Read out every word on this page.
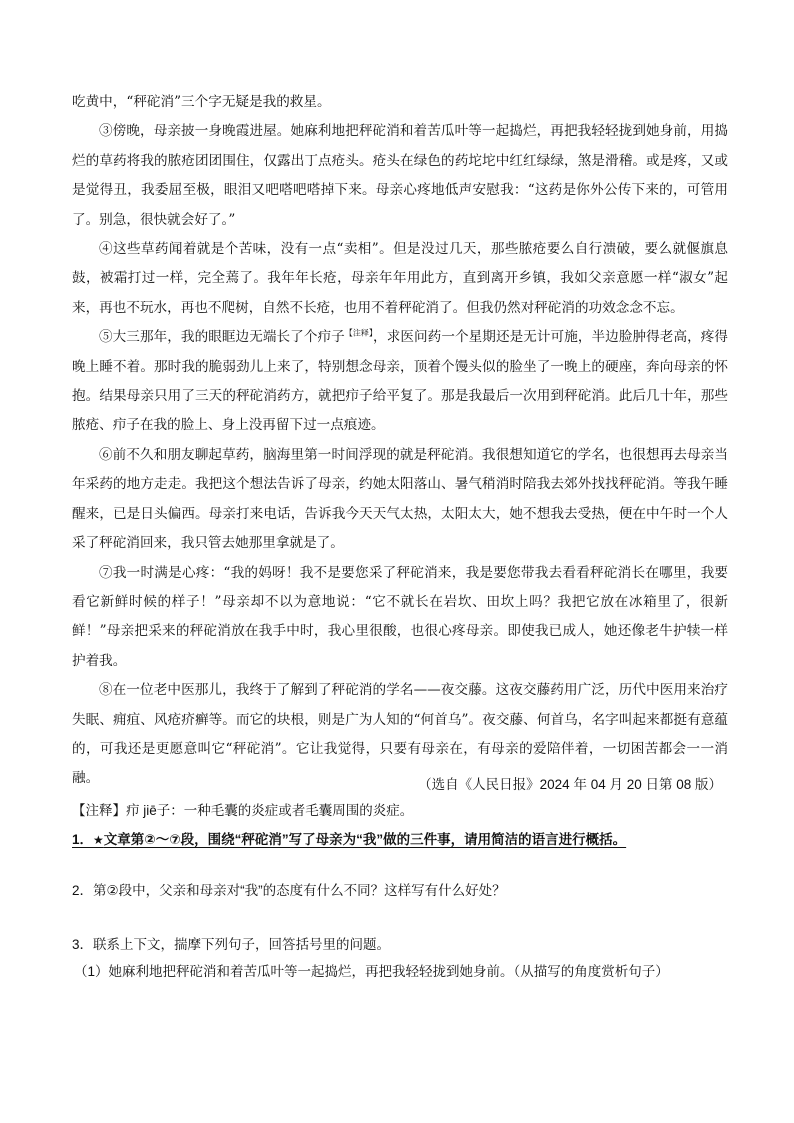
吃黄中，“秤砣消”三个字无疑是我的救星。

③傍晚，母亲披一身晚霞进屋。她麻利地把秤砣消和着苦瓜叶等一起捣烂，再把我轻轻拢到她身前，用捣烂的草药将我的脓疮团团围住，仅露出丁点疮头。疮头在绿色的药坨坨中红红绿绿，煞是滑稽。或是疼，又或是觉得丑，我委屈至极，眼泪又吧嗒吧嗒掉下来。母亲心疼地低声安慰我：“这药是你外公传下来的，可管用了。别急，很快就会好了。”

④这些草药闻着就是个苦味，没有一点“卖相”。但是没过几天，那些脓疮要么自行溃破，要么就偃旗息鼓，被霜打过一样，完全蔫了。我年年长疮，母亲年年用此方，直到离开乡镇，我如父亲意愿一样“淑女”起来，再也不玩水，再也不爬树，自然不长疮，也用不着秤砣消了。但我仍然对秤砣消的功效念念不忘。

⑤大三那年，我的眼眶边无端长了个疖子$^{【注释】}$，求医问药一个星期还是无计可施，半边脸肿得老高，疼得晚上睡不着。那时我的脆弱劲儿上来了，特别想念母亲，顶着个馒头似的脸坐了一晚上的硬座，奔向母亲的怀抱。结果母亲只用了三天的秤砣消药方，就把疖子给平复了。那是我最后一次用到秤砣消。此后几十年，那些脓疮、疖子在我的脸上、身上没再留下过一点痕迹。

⑥前不久和朋友聊起草药，脑海里第一时间浮现的就是秤砣消。我很想知道它的学名，也很想再去母亲当年采药的地方走走。我把这个想法告诉了母亲，约她太阳落山、暑气稍消时陪我去郊外找找秤砣消。等我午睡醒来，已是日头偏西。母亲打来电话，告诉我今天天气太热，太阳太大，她不想我去受热，便在中午时一个人采了秤砣消回来，我只管去她那里拿就是了。

⑦我一时满是心疼：“我的妈呀！我不是要您采了秤砣消来，我是要您带我去看看秤砣消长在哪里，我要看它新鲜时候的样子！”母亲却不以为意地说：“它不就长在岩坎、田坎上吗？我把它放在冰箱里了，很新鲜！”母亲把采来的秤砣消放在我手中时，我心里很酸，也很心疼母亲。即使我已成人，她还像老牛护犊一样护着我。

⑧在一位老中医那儿，我终于了解到了秤砣消的学名——夜交藤。这夜交藤药用广泛，历代中医用来治疗失眠、痈疽、风疮疥癣等。而它的块根，则是广为人知的“何首乌”。夜交藤、何首乌，名字叫起来都挺有意蕴的，可我还是更愿意叫它“秤砣消”。它让我觉得，只要有母亲在，有母亲的爱陪伴着，一切困苦都会一一消融。	（选自《人民日报》2024 年 04 月 20 日第 08 版）
【注释】疖 jiē子：一种毛囊的炎症或者毛囊周围的炎症。
1．★文章第②～⑦段，围绕“秤砣消”写了母亲为“我”做的三件事，请用简洁的语言进行概括。
2．第②段中，父亲和母亲对“我”的态度有什么不同？这样写有什么好处？
3．联系上下文，揣摩下列句子，回答括号里的问题。
（1）她麻利地把秤砣消和着苦瓜叶等一起捣烂，再把我轻轻拢到她身前。（从描写的角度赏析句子）
